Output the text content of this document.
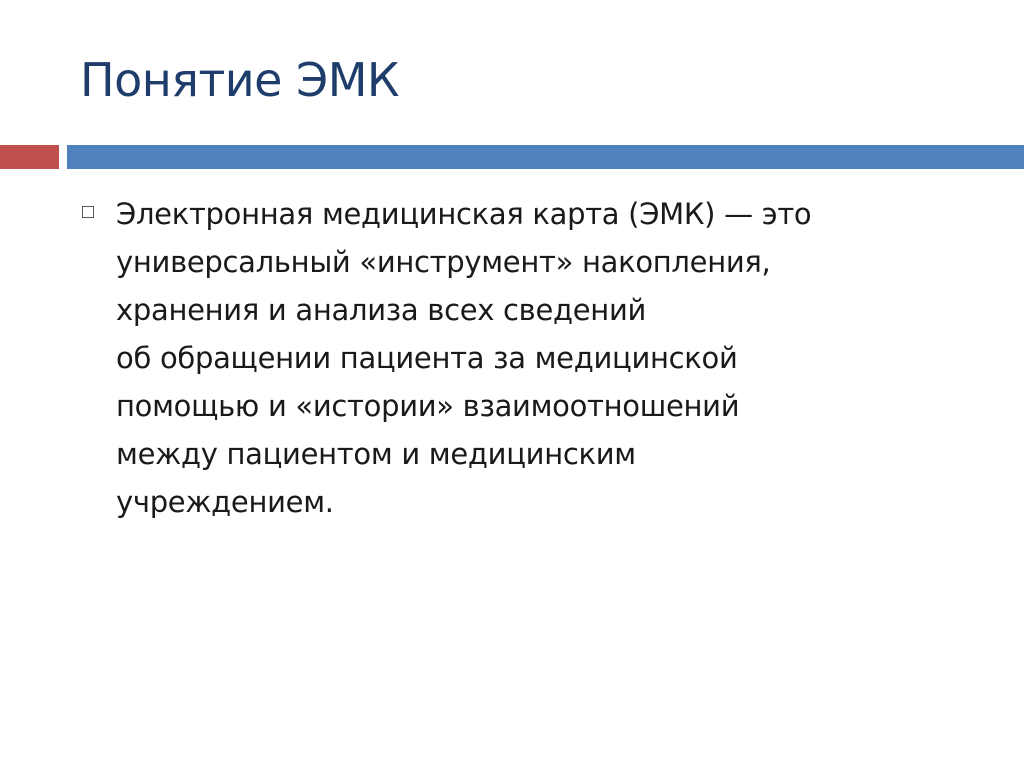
Понятие ЭМК
Электронная медицинская карта (ЭМК) — это
универсальный «инструмент» накопления,
хранения и анализа всех сведений
об обращении пациента за медицинской
помощью и «истории» взаимоотношений
между пациентом и медицинским
учреждением.
